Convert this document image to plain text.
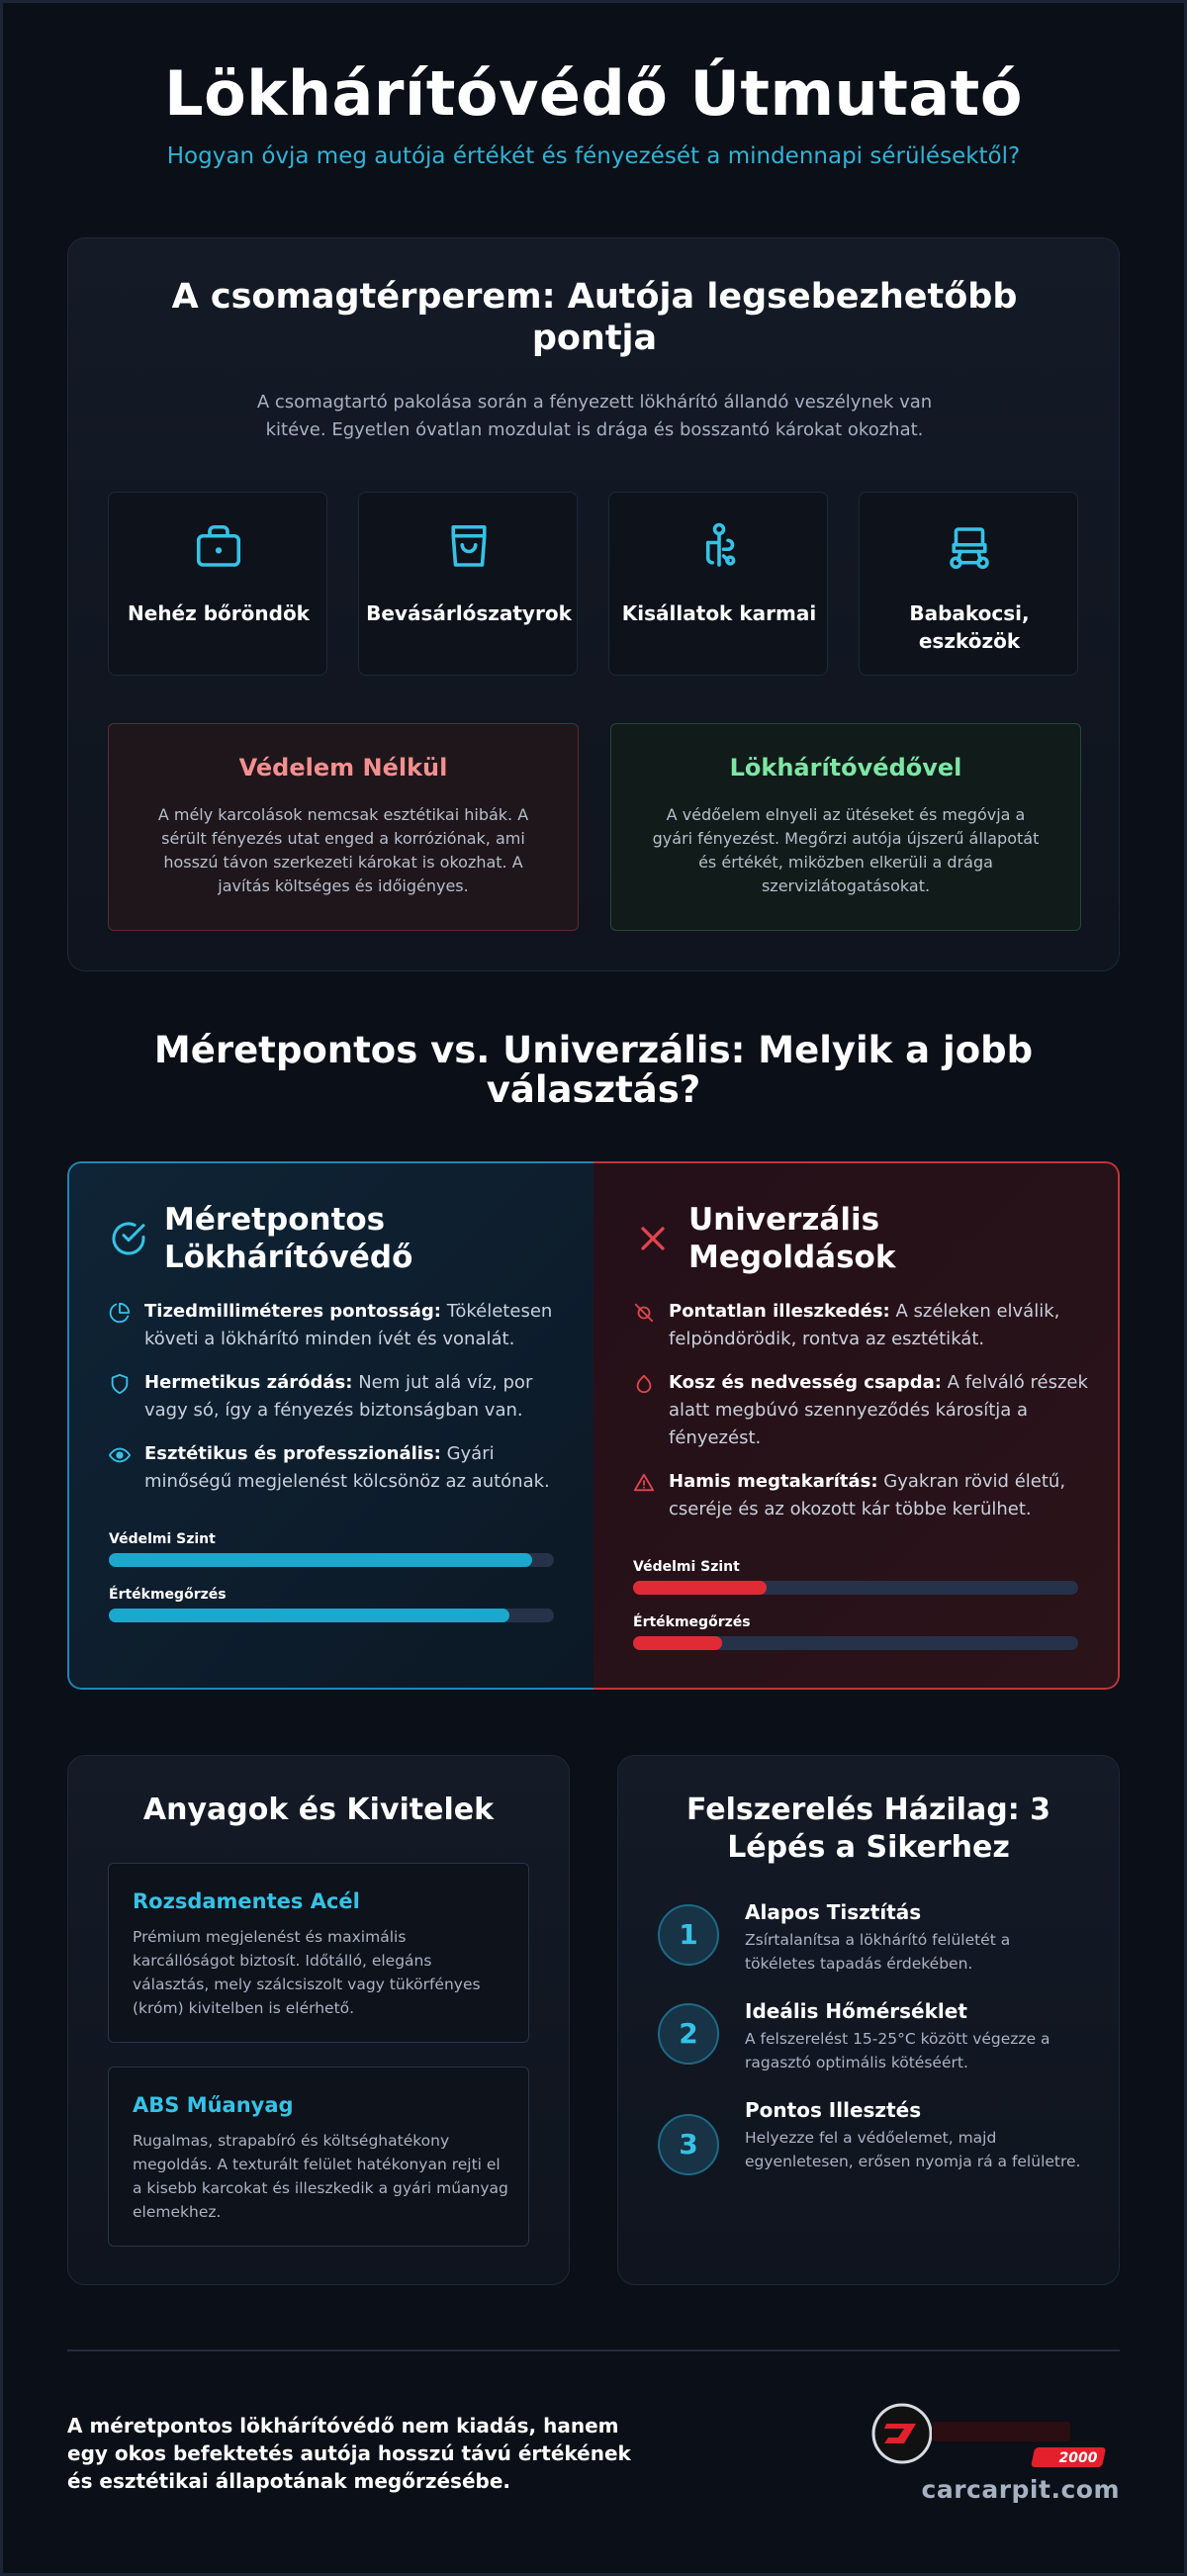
Lökhárítóvédő Útmutató
Hogyan óvja meg autója értékét és fényezését a mindennapi sérülésektől?
A csomagtérperem: Autója legsebezhetőbb pontja

A csomagtartó pakolása során a fényezett lökhárító állandó veszélynek van kitéve. Egyetlen óvatlan mozdulat is drága és bosszantó károkat okozhat.

Nehéz bőröndök	Bevásárlószatyrok	Kisállatok karmai	Babakocsi, eszközök
Védelem Nélkül
A mély karcolások nemcsak esztétikai hibák. A sérült fényezés utat enged a korróziónak, ami hosszú távon szerkezeti károkat is okozhat. A javítás költséges és időigényes.
Lökhárítóvédővel
A védőelem elnyeli az ütéseket és megóvja a gyári fényezést. Megőrzi autója újszerű állapotát és értékét, miközben elkerüli a drága szervizlátogatásokat.
Méretpontos vs. Univerzális: Melyik a jobb választás?
Méretpontos Lökhárítóvédő

Tizedmilliméteres pontosság: Tökéletesen követi a lökhárító minden ívét és vonalát.

Hermetikus záródás: Nem jut alá víz, por vagy só, így a fényezés biztonságban van.

Esztétikus és professzionális: Gyári minőségű megjelenést kölcsönöz az autónak.

Védelmi Szint
Értékmegőrzés
Univerzális Megoldások

Pontatlan illeszkedés: A széleken elválik, felpöndörödik, rontva az esztétikát.

Kosz és nedvesség csapda: A felváló részek alatt megbúvó szennyeződés károsítja a fényezést.

Hamis megtakarítás: Gyakran rövid életű, cseréje és az okozott kár többe kerülhet.

Védelmi Szint
Értékmegőrzés
Anyagok és Kivitelek
Rozsdamentes Acél
Prémium megjelenést és maximális karcállóságot biztosít. Időtálló, elegáns választás, mely szálcsiszolt vagy tükörfényes (króm) kivitelben is elérhető.
ABS Műanyag
Rugalmas, strapabíró és költséghatékony megoldás. A texturált felület hatékonyan rejti el a kisebb karcokat és illeszkedik a gyári műanyag elemekhez.
Felszerelés Házilag: 3 Lépés a Sikerhez
1
Alapos Tisztítás
Zsírtalanítsa a lökhárító felületét a tökéletes tapadás érdekében.
2
Ideális Hőmérséklet
A felszerelést 15-25°C között végezze a ragasztó optimális kötéséért.
3
Pontos Illesztés
Helyezze fel a védőelemet, majd egyenletesen, erősen nyomja rá a felületre.

A méretpontos lökhárítóvédő nem kiadás, hanem egy okos befektetés autója hosszú távú értékének és esztétikai állapotának megőrzésébe.

2000
carcarpit.com
